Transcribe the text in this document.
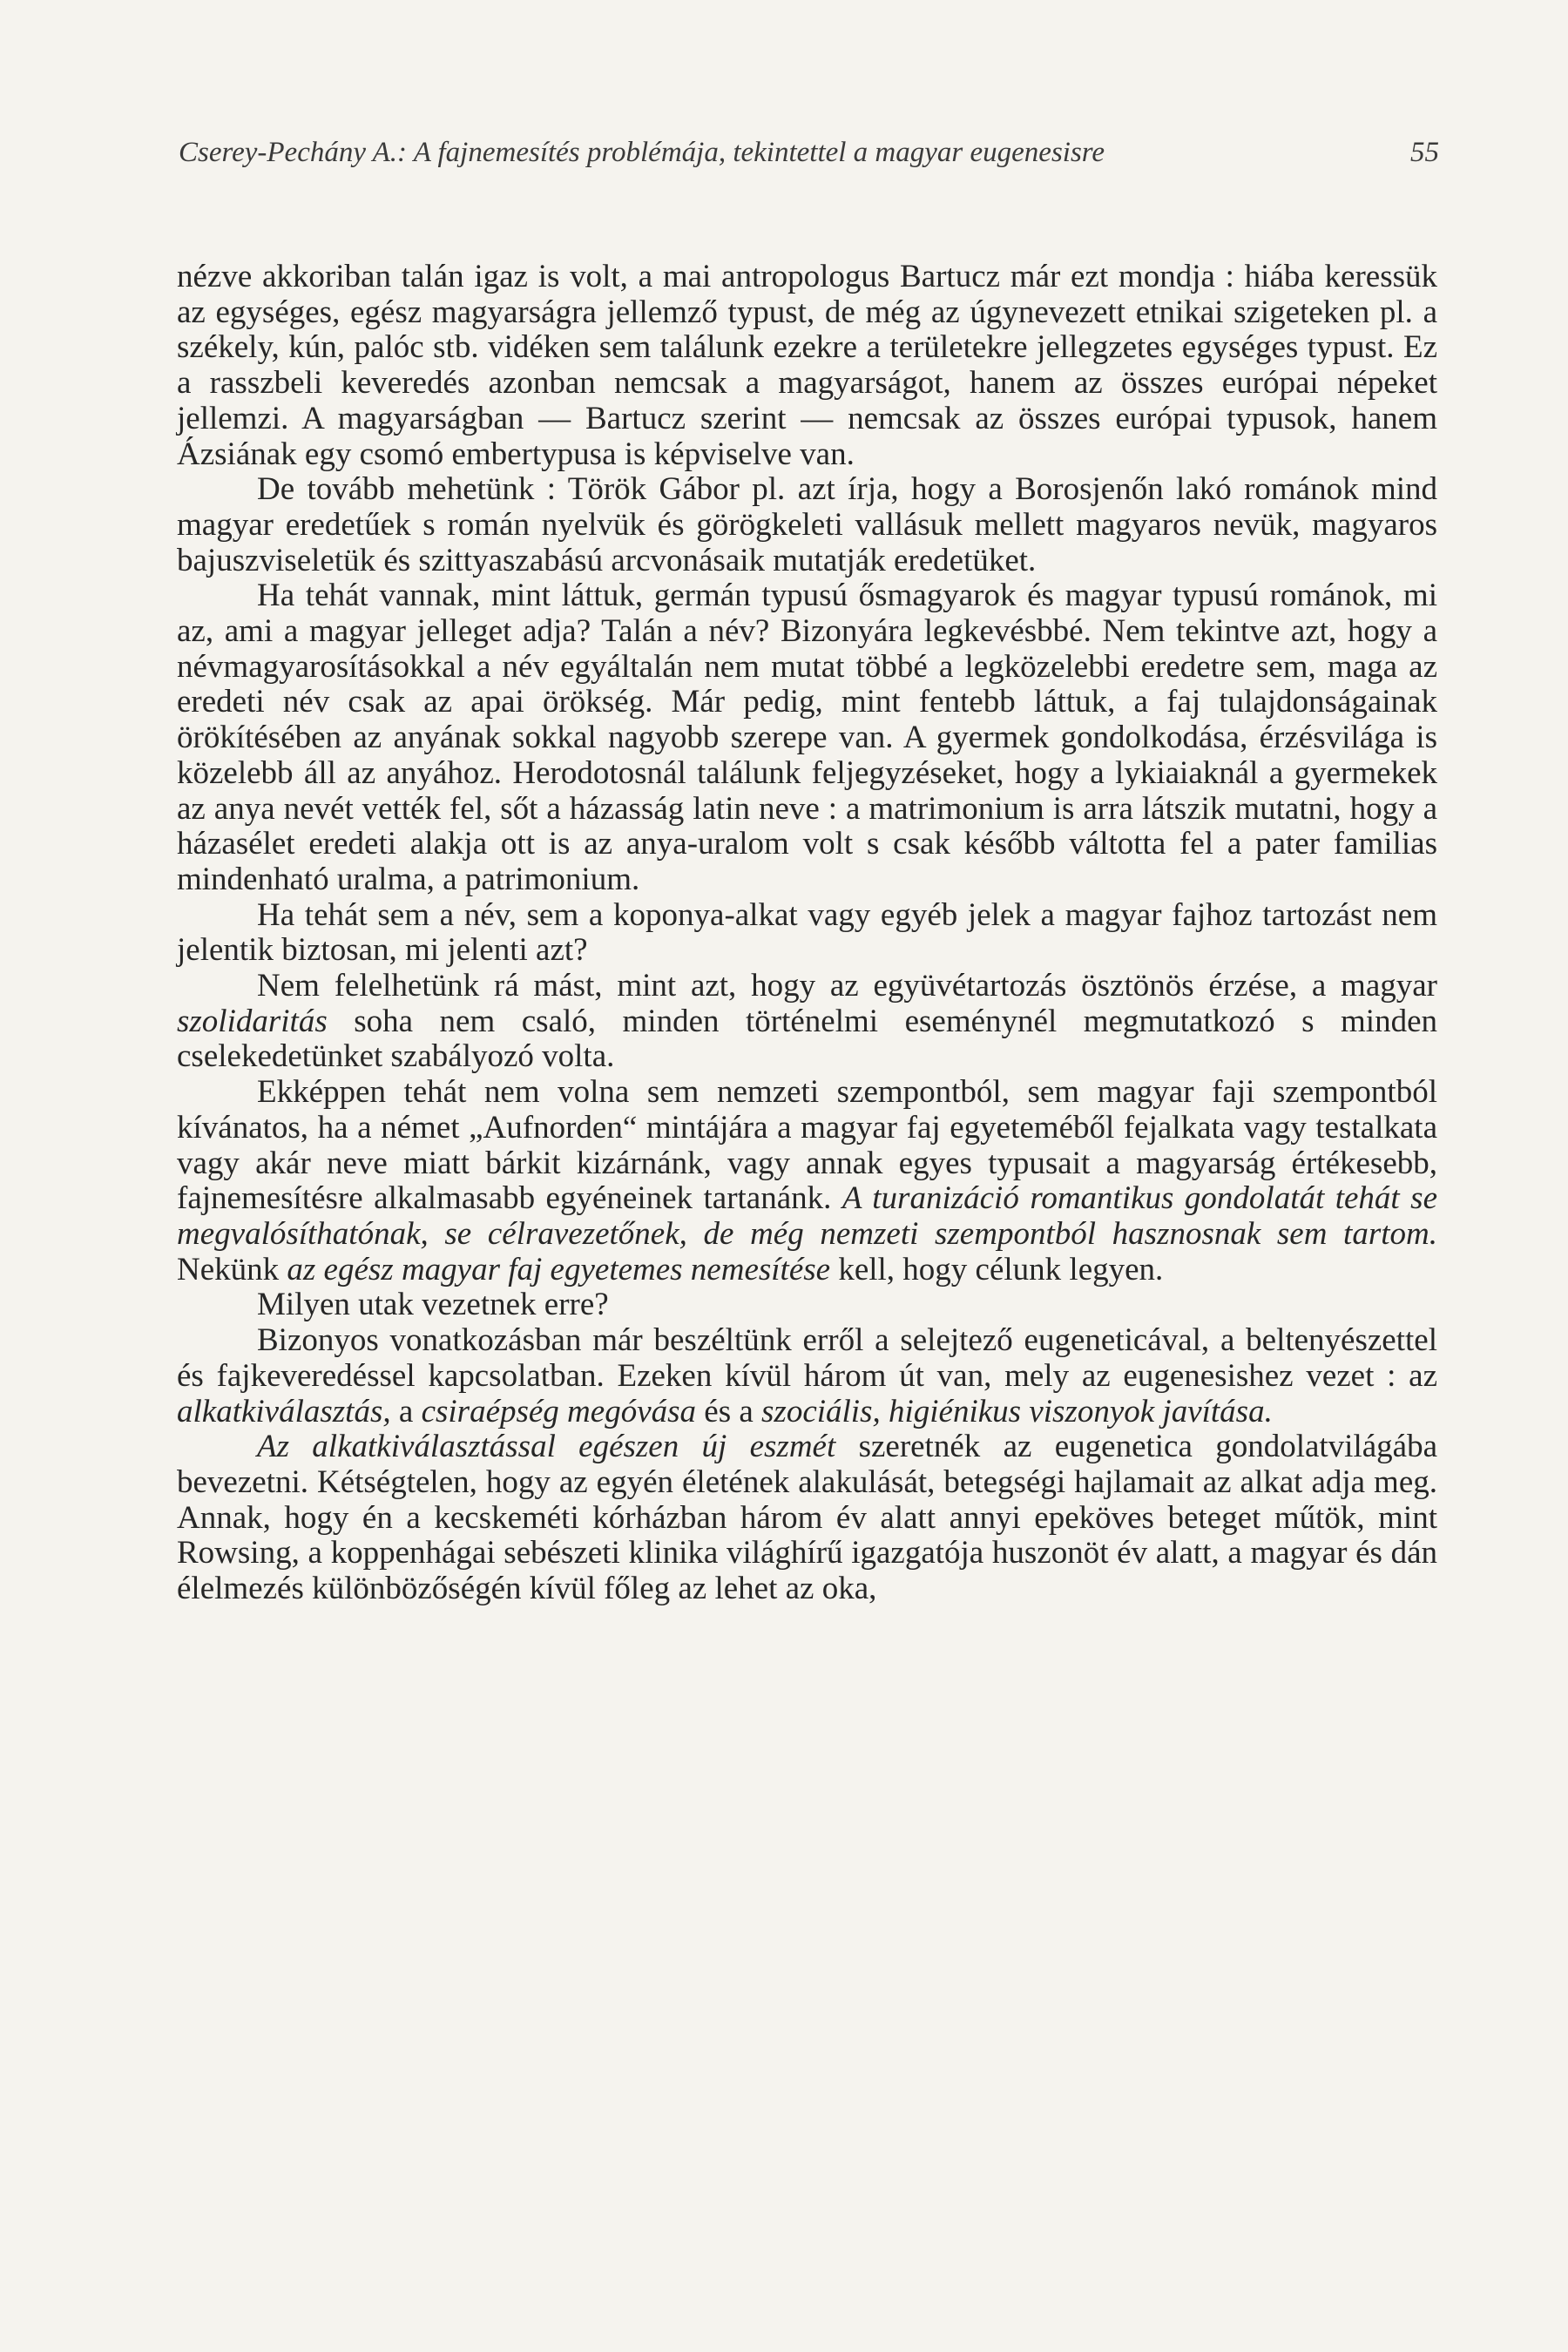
Cserey-Pechány A.: A fajnemesítés problémája, tekintettel a magyar eugenesisre	55

nézve akkoriban talán igaz is volt, a mai antropologus Bartucz már ezt mondja : hiába keressük az egységes, egész magyarságra jellemző typust, de még az úgynevezett etnikai szigeteken pl. a székely, kún, palóc stb. vidéken sem találunk ezekre a területekre jellegzetes egységes typust. Ez a rasszbeli keveredés azonban nemcsak a magyarságot, hanem az összes európai népeket jellemzi. A magyarságban — Bartucz szerint — nemcsak az összes európai typusok, hanem Ázsiának egy csomó embertypusa is képviselve van.

De tovább mehetünk : Török Gábor pl. azt írja, hogy a Borosjenőn lakó románok mind magyar eredetűek s román nyelvük és görögkeleti vallásuk mellett magyaros nevük, magyaros bajuszviseletük és szittyaszabású arcvonásaik mutatják eredetüket.

Ha tehát vannak, mint láttuk, germán typusú ősmagyarok és magyar typusú románok, mi az, ami a magyar jelleget adja? Talán a név? Bizonyára legkevésbbé. Nem tekintve azt, hogy a névmagyarosításokkal a név egyáltalán nem mutat többé a legközelebbi eredetre sem, maga az eredeti név csak az apai örökség. Már pedig, mint fentebb láttuk, a faj tulajdonságainak örökítésében az anyának sokkal nagyobb szerepe van. A gyermek gondolkodása, érzésvilága is közelebb áll az anyához. Herodotosnál találunk feljegyzéseket, hogy a lykiaiaknál a gyermekek az anya nevét vették fel, sőt a házasság latin neve : a matrimonium is arra látszik mutatni, hogy a házasélet eredeti alakja ott is az anya-uralom volt s csak később váltotta fel a pater familias mindenható uralma, a patrimonium.

Ha tehát sem a név, sem a koponya-alkat vagy egyéb jelek a magyar fajhoz tartozást nem jelentik biztosan, mi jelenti azt?

Nem felelhetünk rá mást, mint azt, hogy az együvétartozás ösztönös érzése, a magyar szolidaritás soha nem csaló, minden történelmi eseménynél megmutatkozó s minden cselekedetünket szabályozó volta.

Ekképpen tehát nem volna sem nemzeti szempontból, sem magyar faji szempontból kívánatos, ha a német „Aufnorden“ mintájára a magyar faj egyeteméből fejalkata vagy testalkata vagy akár neve miatt bárkit kizárnánk, vagy annak egyes typusait a magyarság értékesebb, fajnemesítésre alkalmasabb egyéneinek tartanánk. A turanizáció romantikus gondolatát tehát se megvalósíthatónak, se célravezetőnek, de még nemzeti szempontból hasznosnak sem tartom. Nekünk az egész magyar faj egyetemes nemesítése kell, hogy célunk legyen.

Milyen utak vezetnek erre?

Bizonyos vonatkozásban már beszéltünk erről a selejtező eugeneticával, a beltenyészettel és fajkeveredéssel kapcsolatban. Ezeken kívül három út van, mely az eugenesishez vezet : az alkatkiválasztás, a csiraépség megóvása és a szociális, higiénikus viszonyok javítása.

Az alkatkiválasztással egészen új eszmét szeretnék az eugenetica gondolatvilágába bevezetni. Kétségtelen, hogy az egyén életének alakulását, betegségi hajlamait az alkat adja meg. Annak, hogy én a kecskeméti kórházban három év alatt annyi epeköves beteget műtök, mint Rowsing, a koppenhágai sebészeti klinika világhírű igazgatója huszonöt év alatt, a magyar és dán élelmezés különbözőségén kívül főleg az lehet az oka,
